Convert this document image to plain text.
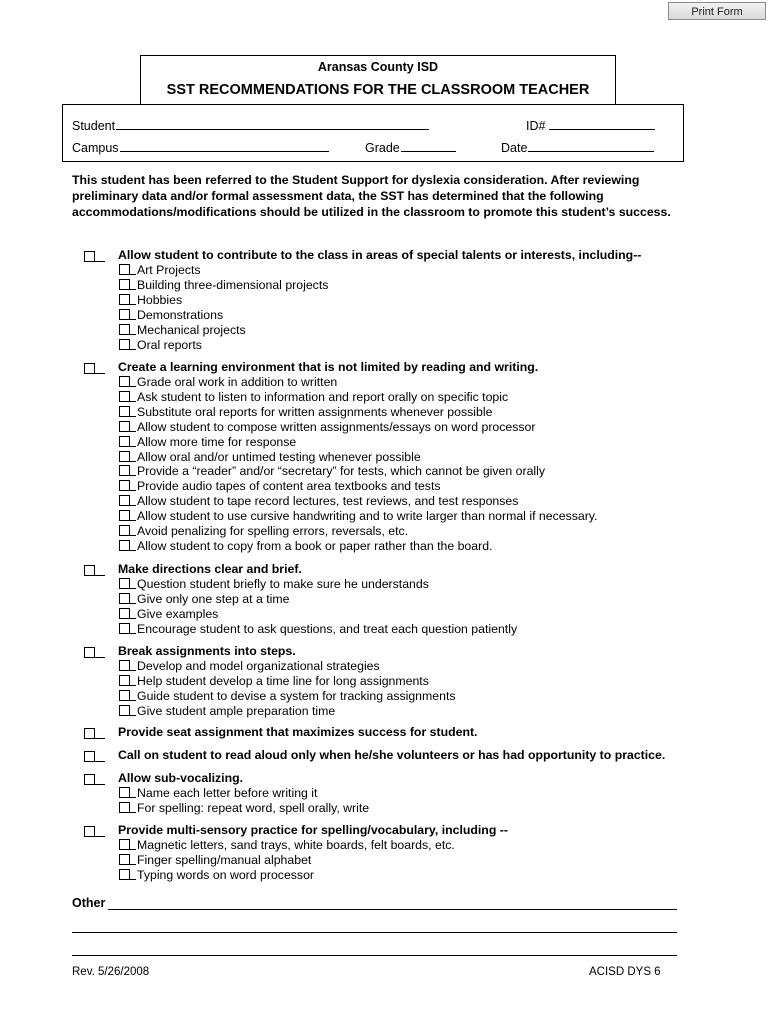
Print Form
Aransas County ISD
SST RECOMMENDATIONS FOR THE CLASSROOM TEACHER
Student	ID#
Campus	Grade	Date
This student has been referred to the Student Support for dyslexia consideration. After reviewing preliminary data and/or formal assessment data, the SST has determined that the following accommodations/modifications should be utilized in the classroom to promote this student’s success.
Allow student to contribute to the class in areas of special talents or interests, including--
Art Projects
Building three-dimensional projects
Hobbies
Demonstrations
Mechanical projects
Oral reports
Create a learning environment that is not limited by reading and writing.
Grade oral work in addition to written
Ask student to listen to information and report orally on specific topic
Substitute oral reports for written assignments whenever possible
Allow student to compose written assignments/essays on word processor
Allow more time for response
Allow oral and/or untimed testing whenever possible
Provide a “reader” and/or “secretary” for tests, which cannot be given orally
Provide audio tapes of content area textbooks and tests
Allow student to tape record lectures, test reviews, and test responses
Allow student to use cursive handwriting and to write larger than normal if necessary.
Avoid penalizing for spelling errors, reversals, etc.
Allow student to copy from a book or paper rather than the board.
Make directions clear and brief.
Question student briefly to make sure he understands
Give only one step at a time
Give examples
Encourage student to ask questions, and treat each question patiently
Break assignments into steps.
Develop and model organizational strategies
Help student develop a time line for long assignments
Guide student to devise a system for tracking assignments
Give student ample preparation time
Provide seat assignment that maximizes success for student.
Call on student to read aloud only when he/she volunteers or has had opportunity to practice.
Allow sub-vocalizing.
Name each letter before writing it
For spelling: repeat word, spell orally, write
Provide multi-sensory practice for spelling/vocabulary, including --
Magnetic letters, sand trays, white boards, felt boards, etc.
Finger spelling/manual alphabet
Typing words on word processor
Other
Rev. 5/26/2008	ACISD DYS 6
